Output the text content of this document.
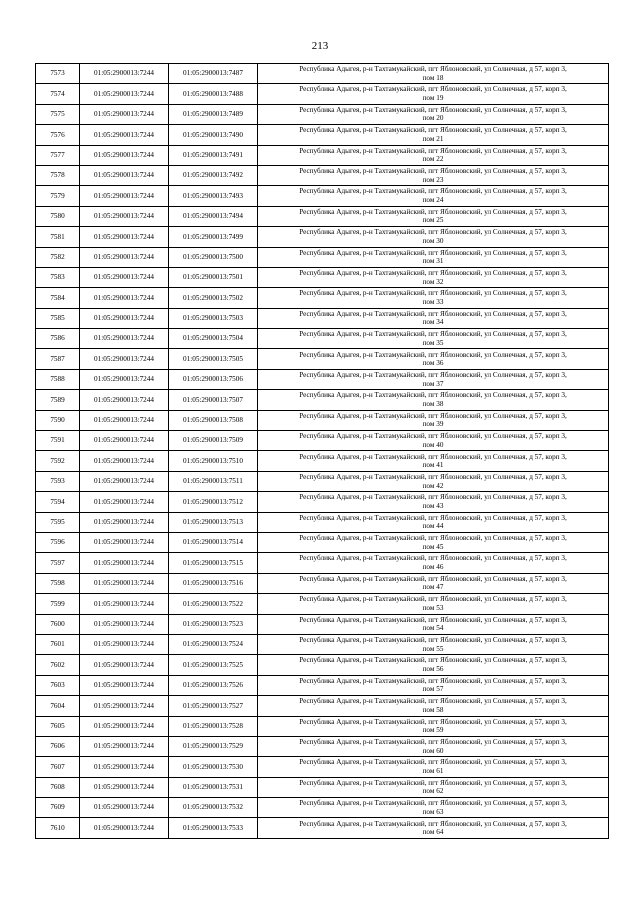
213
7573	01:05:2900013:7244	01:05:2900013:7487	Республика Адыгея, р-н Тахтамукайский, пгт Яблоновский, ул Солнечная, д 57, корп 3,
пом 18

7574	01:05:2900013:7244	01:05:2900013:7488	Республика Адыгея, р-н Тахтамукайский, пгт Яблоновский, ул Солнечная, д 57, корп 3,
пом 19

7575	01:05:2900013:7244	01:05:2900013:7489	Республика Адыгея, р-н Тахтамукайский, пгт Яблоновский, ул Солнечная, д 57, корп 3,
пом 20

7576	01:05:2900013:7244	01:05:2900013:7490	Республика Адыгея, р-н Тахтамукайский, пгт Яблоновский, ул Солнечная, д 57, корп 3,
пом 21

7577	01:05:2900013:7244	01:05:2900013:7491	Республика Адыгея, р-н Тахтамукайский, пгт Яблоновский, ул Солнечная, д 57, корп 3,
пом 22

7578	01:05:2900013:7244	01:05:2900013:7492	Республика Адыгея, р-н Тахтамукайский, пгт Яблоновский, ул Солнечная, д 57, корп 3,
пом 23

7579	01:05:2900013:7244	01:05:2900013:7493	Республика Адыгея, р-н Тахтамукайский, пгт Яблоновский, ул Солнечная, д 57, корп 3,
пом 24

7580	01:05:2900013:7244	01:05:2900013:7494	Республика Адыгея, р-н Тахтамукайский, пгт Яблоновский, ул Солнечная, д 57, корп 3,
пом 25

7581	01:05:2900013:7244	01:05:2900013:7499	Республика Адыгея, р-н Тахтамукайский, пгт Яблоновский, ул Солнечная, д 57, корп 3,
пом 30

7582	01:05:2900013:7244	01:05:2900013:7500	Республика Адыгея, р-н Тахтамукайский, пгт Яблоновский, ул Солнечная, д 57, корп 3,
пом 31

7583	01:05:2900013:7244	01:05:2900013:7501	Республика Адыгея, р-н Тахтамукайский, пгт Яблоновский, ул Солнечная, д 57, корп 3,
пом 32

7584	01:05:2900013:7244	01:05:2900013:7502	Республика Адыгея, р-н Тахтамукайский, пгт Яблоновский, ул Солнечная, д 57, корп 3,
пом 33

7585	01:05:2900013:7244	01:05:2900013:7503	Республика Адыгея, р-н Тахтамукайский, пгт Яблоновский, ул Солнечная, д 57, корп 3,
пом 34

7586	01:05:2900013:7244	01:05:2900013:7504	Республика Адыгея, р-н Тахтамукайский, пгт Яблоновский, ул Солнечная, д 57, корп 3,
пом 35

7587	01:05:2900013:7244	01:05:2900013:7505	Республика Адыгея, р-н Тахтамукайский, пгт Яблоновский, ул Солнечная, д 57, корп 3,
пом 36

7588	01:05:2900013:7244	01:05:2900013:7506	Республика Адыгея, р-н Тахтамукайский, пгт Яблоновский, ул Солнечная, д 57, корп 3,
пом 37

7589	01:05:2900013:7244	01:05:2900013:7507	Республика Адыгея, р-н Тахтамукайский, пгт Яблоновский, ул Солнечная, д 57, корп 3,
пом 38

7590	01:05:2900013:7244	01:05:2900013:7508	Республика Адыгея, р-н Тахтамукайский, пгт Яблоновский, ул Солнечная, д 57, корп 3,
пом 39

7591	01:05:2900013:7244	01:05:2900013:7509	Республика Адыгея, р-н Тахтамукайский, пгт Яблоновский, ул Солнечная, д 57, корп 3,
пом 40

7592	01:05:2900013:7244	01:05:2900013:7510	Республика Адыгея, р-н Тахтамукайский, пгт Яблоновский, ул Солнечная, д 57, корп 3,
пом 41

7593	01:05:2900013:7244	01:05:2900013:7511	Республика Адыгея, р-н Тахтамукайский, пгт Яблоновский, ул Солнечная, д 57, корп 3,
пом 42

7594	01:05:2900013:7244	01:05:2900013:7512	Республика Адыгея, р-н Тахтамукайский, пгт Яблоновский, ул Солнечная, д 57, корп 3,
пом 43

7595	01:05:2900013:7244	01:05:2900013:7513	Республика Адыгея, р-н Тахтамукайский, пгт Яблоновский, ул Солнечная, д 57, корп 3,
пом 44

7596	01:05:2900013:7244	01:05:2900013:7514	Республика Адыгея, р-н Тахтамукайский, пгт Яблоновский, ул Солнечная, д 57, корп 3,
пом 45

7597	01:05:2900013:7244	01:05:2900013:7515	Республика Адыгея, р-н Тахтамукайский, пгт Яблоновский, ул Солнечная, д 57, корп 3,
пом 46

7598	01:05:2900013:7244	01:05:2900013:7516	Республика Адыгея, р-н Тахтамукайский, пгт Яблоновский, ул Солнечная, д 57, корп 3,
пом 47

7599	01:05:2900013:7244	01:05:2900013:7522	Республика Адыгея, р-н Тахтамукайский, пгт Яблоновский, ул Солнечная, д 57, корп 3,
пом 53

7600	01:05:2900013:7244	01:05:2900013:7523	Республика Адыгея, р-н Тахтамукайский, пгт Яблоновский, ул Солнечная, д 57, корп 3,
пом 54

7601	01:05:2900013:7244	01:05:2900013:7524	Республика Адыгея, р-н Тахтамукайский, пгт Яблоновский, ул Солнечная, д 57, корп 3,
пом 55

7602	01:05:2900013:7244	01:05:2900013:7525	Республика Адыгея, р-н Тахтамукайский, пгт Яблоновский, ул Солнечная, д 57, корп 3,
пом 56

7603	01:05:2900013:7244	01:05:2900013:7526	Республика Адыгея, р-н Тахтамукайский, пгт Яблоновский, ул Солнечная, д 57, корп 3,
пом 57

7604	01:05:2900013:7244	01:05:2900013:7527	Республика Адыгея, р-н Тахтамукайский, пгт Яблоновский, ул Солнечная, д 57, корп 3,
пом 58

7605	01:05:2900013:7244	01:05:2900013:7528	Республика Адыгея, р-н Тахтамукайский, пгт Яблоновский, ул Солнечная, д 57, корп 3,
пом 59

7606	01:05:2900013:7244	01:05:2900013:7529	Республика Адыгея, р-н Тахтамукайский, пгт Яблоновский, ул Солнечная, д 57, корп 3,
пом 60

7607	01:05:2900013:7244	01:05:2900013:7530	Республика Адыгея, р-н Тахтамукайский, пгт Яблоновский, ул Солнечная, д 57, корп 3,
пом 61

7608	01:05:2900013:7244	01:05:2900013:7531	Республика Адыгея, р-н Тахтамукайский, пгт Яблоновский, ул Солнечная, д 57, корп 3,
пом 62

7609	01:05:2900013:7244	01:05:2900013:7532	Республика Адыгея, р-н Тахтамукайский, пгт Яблоновский, ул Солнечная, д 57, корп 3,
пом 63

7610	01:05:2900013:7244	01:05:2900013:7533	Республика Адыгея, р-н Тахтамукайский, пгт Яблоновский, ул Солнечная, д 57, корп 3,
пом 64
